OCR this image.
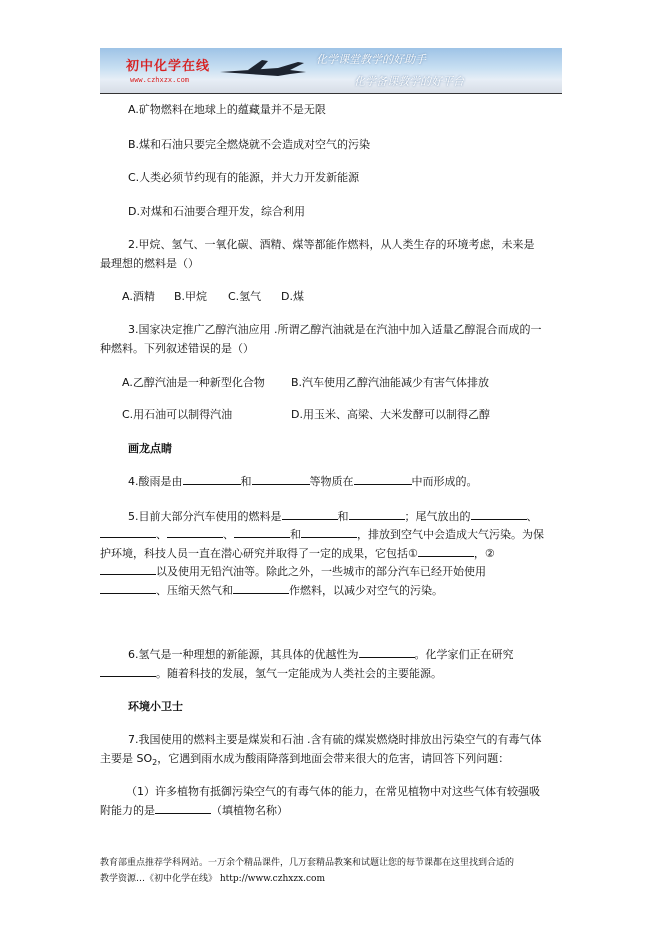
初中化学在线
www.czhxzx.com
化学课堂教学的好助手
化学备课教学的好平台
A.矿物燃料在地球上的蕴藏量并不是无限
B.煤和石油只要完全燃烧就不会造成对空气的污染
C.人类必须节约现有的能源，并大力开发新能源
D.对煤和石油要合理开发，综合利用
2.甲烷、氢气、一氧化碳、酒精、煤等都能作燃料，从人类生存的环境考虑，未来是
最理想的燃料是（）
A.酒精 B.甲烷 C.氢气 D.煤
3.国家决定推广乙醇汽油应用 .所谓乙醇汽油就是在汽油中加入适量乙醇混合而成的一
种燃料。下列叙述错误的是（）
A.乙醇汽油是一种新型化合物 B.汽车使用乙醇汽油能减少有害气体排放
C.用石油可以制得汽油	D.用玉米、高梁、大米发酵可以制得乙醇
画龙点睛
4.酸雨是由	和	等物质在	中而形成的。
5.目前大部分汽车使用的燃料是	和	；尾气放出的	、
、	、	和	，排放到空气中会造成大气污染。为保
护环境，科技人员一直在潜心研究并取得了一定的成果，它包括①	，②
以及使用无铅汽油等。除此之外，一些城市的部分汽车已经开始使用
、压缩天然气和	作燃料，以减少对空气的污染。
6.氢气是一种理想的新能源，其具体的优越性为	。化学家们正在研究
。随着科技的发展，氢气一定能成为人类社会的主要能源。
环境小卫士
7.我国使用的燃料主要是煤炭和石油 .含有硫的煤炭燃烧时排放出污染空气的有毒气体
主要是 $SO_2$，它遇到雨水成为酸雨降落到地面会带来很大的危害，请回答下列问题：
（1）许多植物有抵御污染空气的有毒气体的能力，在常见植物中对这些气体有较强吸
附能力的是	（填植物名称）
教育部重点推荐学科网站。一万余个精品课件，几万套精品教案和试题让您的每节课都在这里找到合适的
教学资源…《初中化学在线》 http://www.czhxzx.com
